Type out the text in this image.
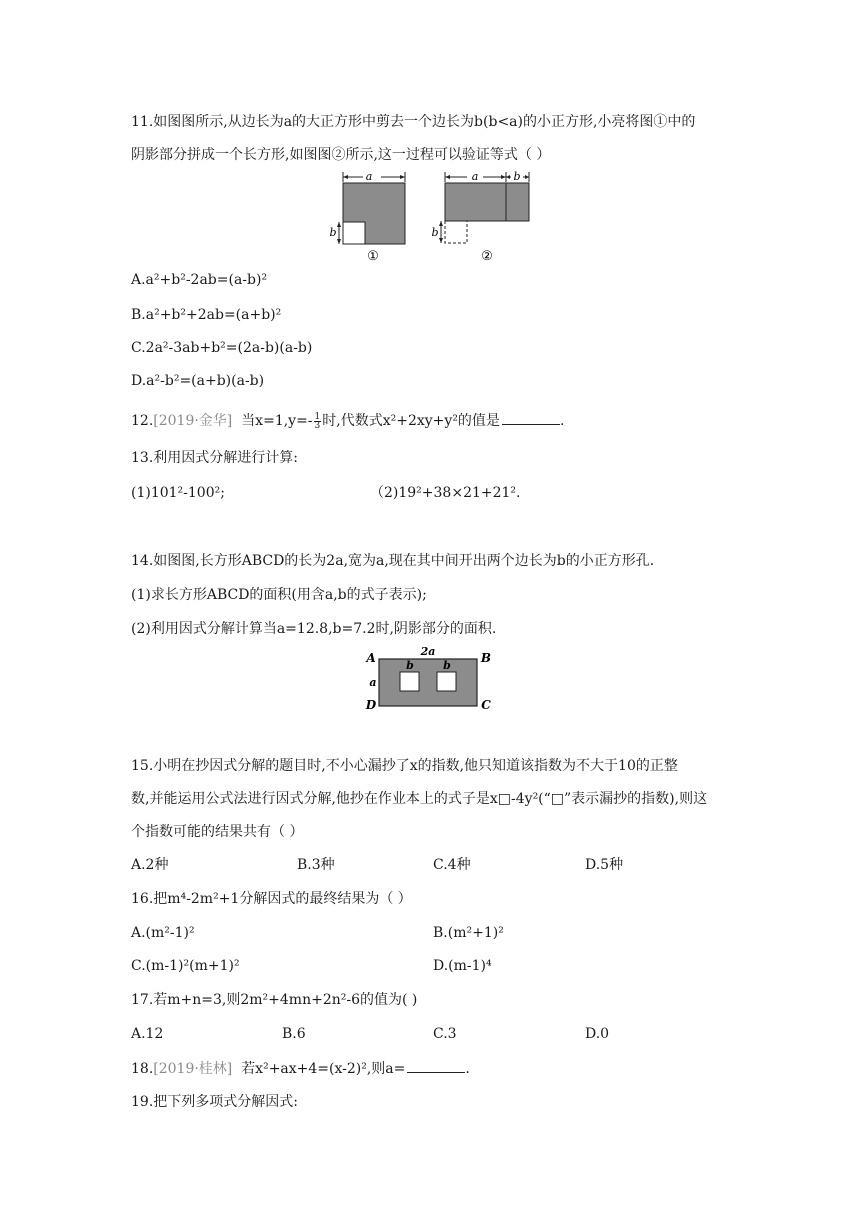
11.如图图所示,从边长为a的大正方形中剪去一个边长为b(b<a)的小正方形,小亮将图①中的
阴影部分拼成一个长方形,如图图②所示,这一过程可以验证等式（ ）
a
b
①
a	b
b
②
A.a²+b²-2ab=(a-b)²
B.a²+b²+2ab=(a+b)²
C.2a²-3ab+b²=(2a-b)(a-b)
D.a²-b²=(a+b)(a-b)
12.[2019·金华] 当$x=1,y=- \frac{1}{3}$ 时,代数式x²+2xy+y²的值是	.
13.利用因式分解进行计算:
(1)101²-100²;	（2)19²+38×21+21².
14.如图图,长方形ABCD的长为2a,宽为a,现在其中间开出两个边长为b的小正方形孔.
(1)求长方形ABCD的面积(用含a,b的式子表示);
(2)利用因式分解计算当a=12.8,b=7.2时,阴影部分的面积.
A	B
C
D
2a
a
b	b
15.小明在抄因式分解的题目时,不小心漏抄了x的指数,他只知道该指数为不大于10的正整
数,并能运用公式法进行因式分解,他抄在作业本上的式子是x□-4y²(“□”表示漏抄的指数),则这
个指数可能的结果共有（ ）
A.2种	B.3种	C.4种	D.5种
16.把m⁴-2m²+1分解因式的最终结果为（ ）
A.(m²-1)²	B.(m²+1)²
C.(m-1)²(m+1)²	D.(m-1)⁴
17.若m+n=3,则2m²+4mn+2n²-6的值为( )
A.12	B.6	C.3	D.0
18.[2019·桂林] 若x²+ax+4=(x-2)²,则a=	.
19.把下列多项式分解因式:
